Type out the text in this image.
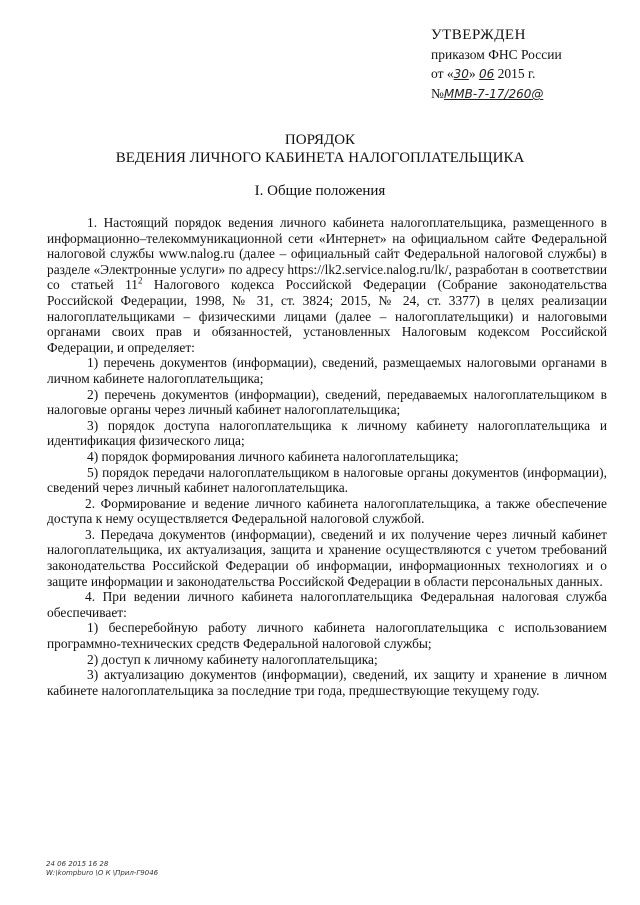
УТВЕРЖДЕН
приказом ФНС России
от «30» 06 2015 г.
№ММВ-7-17/260@
ПОРЯДОК
ВЕДЕНИЯ ЛИЧНОГО КАБИНЕТА НАЛОГОПЛАТЕЛЬЩИКА
I. Общие положения

1. Настоящий порядок ведения личного кабинета налогоплательщика, размещенного в информационно–телекоммуникационной сети «Интернет» на официальном сайте Федеральной налоговой службы www.nalog.ru (далее – официальный сайт Федеральной налоговой службы) в разделе «Электронные услуги» по адресу https://lk2.service.nalog.ru/lk/, разработан в соответствии со статьей $11^2$ Налогового кодекса Российской Федерации (Собрание законодательства Российской Федерации, 1998, № 31, ст. 3824; 2015, № 24, ст. 3377) в целях реализации налогоплательщиками – физическими лицами (далее – налогоплательщики) и налоговыми органами своих прав и обязанностей, установленных Налоговым кодексом Российской Федерации, и определяет:

1) перечень документов (информации), сведений, размещаемых налоговыми органами в личном кабинете налогоплательщика;

2) перечень документов (информации), сведений, передаваемых налогоплательщиком в налоговые органы через личный кабинет налогоплательщика;

3) порядок доступа налогоплательщика к личному кабинету налогоплательщика и идентификация физического лица;

4) порядок формирования личного кабинета налогоплательщика;

5) порядок передачи налогоплательщиком в налоговые органы документов (информации), сведений через личный кабинет налогоплательщика.

2. Формирование и ведение личного кабинета налогоплательщика, а также обеспечение доступа к нему осуществляется Федеральной налоговой службой.

3. Передача документов (информации), сведений и их получение через личный кабинет налогоплательщика, их актуализация, защита и хранение осуществляются с учетом требований законодательства Российской Федерации об информации, информационных технологиях и о защите информации и законодательства Российской Федерации в области персональных данных.

4. При ведении личного кабинета налогоплательщика Федеральная налоговая служба обеспечивает:

1) бесперебойную работу личного кабинета налогоплательщика с использованием программно-технических средств Федеральной налоговой службы;

2) доступ к личному кабинету налогоплательщика;

3) актуализацию документов (информации), сведений, их защиту и хранение в личном кабинете налогоплательщика за последние три года, предшествующие текущему году.

24 06 2015 16 28
W:\kompburo \О К \Прил-Г9046
